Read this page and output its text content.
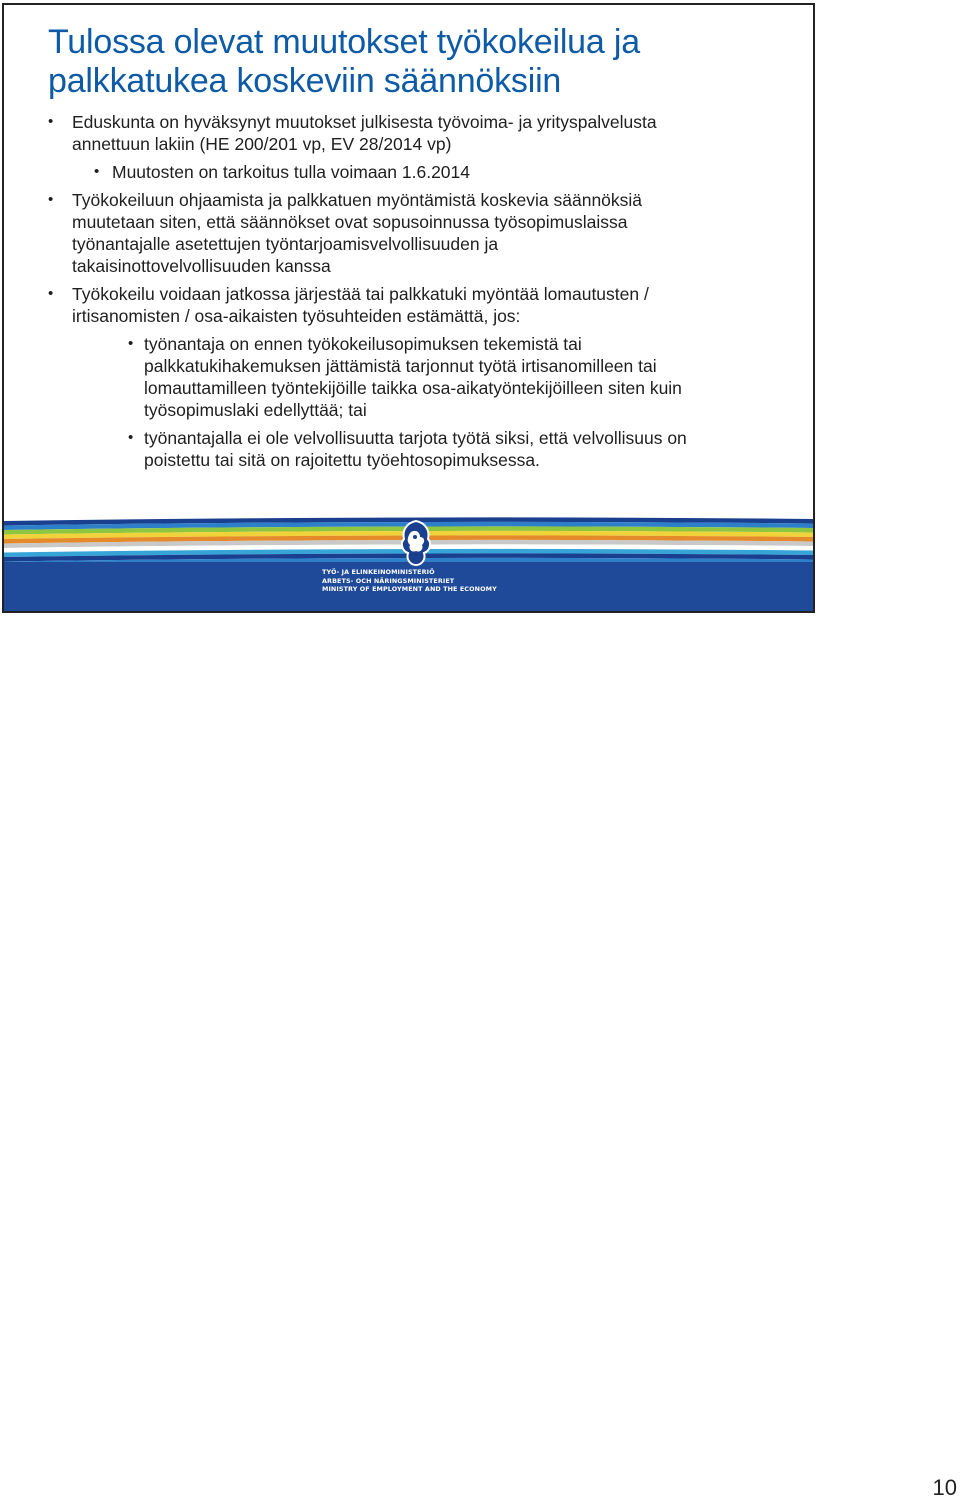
Tulossa olevat muutokset työkokeilua ja
palkkatukea koskeviin säännöksiin
• Eduskunta on hyväksynyt muutokset julkisesta työvoima- ja yrityspalvelusta
annettuun lakiin (HE 200/201 vp, EV 28/2014 vp)
• Muutosten on tarkoitus tulla voimaan 1.6.2014
• Työkokeiluun ohjaamista ja palkkatuen myöntämistä koskevia säännöksiä
muutetaan siten, että säännökset ovat sopusoinnussa työsopimuslaissa
työnantajalle asetettujen työntarjoamisvelvollisuuden ja
takaisinottovelvollisuuden kanssa
• Työkokeilu voidaan jatkossa järjestää tai palkkatuki myöntää lomautusten /
irtisanomisten / osa-aikaisten työsuhteiden estämättä, jos:
• työnantaja on ennen työkokeilusopimuksen tekemistä tai
palkkatukihakemuksen jättämistä tarjonnut työtä irtisanomilleen tai
lomauttamilleen työntekijöille taikka osa-aikatyöntekijöilleen siten kuin
työsopimuslaki edellyttää; tai
• työnantajalla ei ole velvollisuutta tarjota työtä siksi, että velvollisuus on
poistettu tai sitä on rajoitettu työehtosopimuksessa.
TYÖ- JA ELINKEINOMINISTERIÖ
ARBETS- OCH NÄRINGSMINISTERIET
MINISTRY OF EMPLOYMENT AND THE ECONOMY
10
